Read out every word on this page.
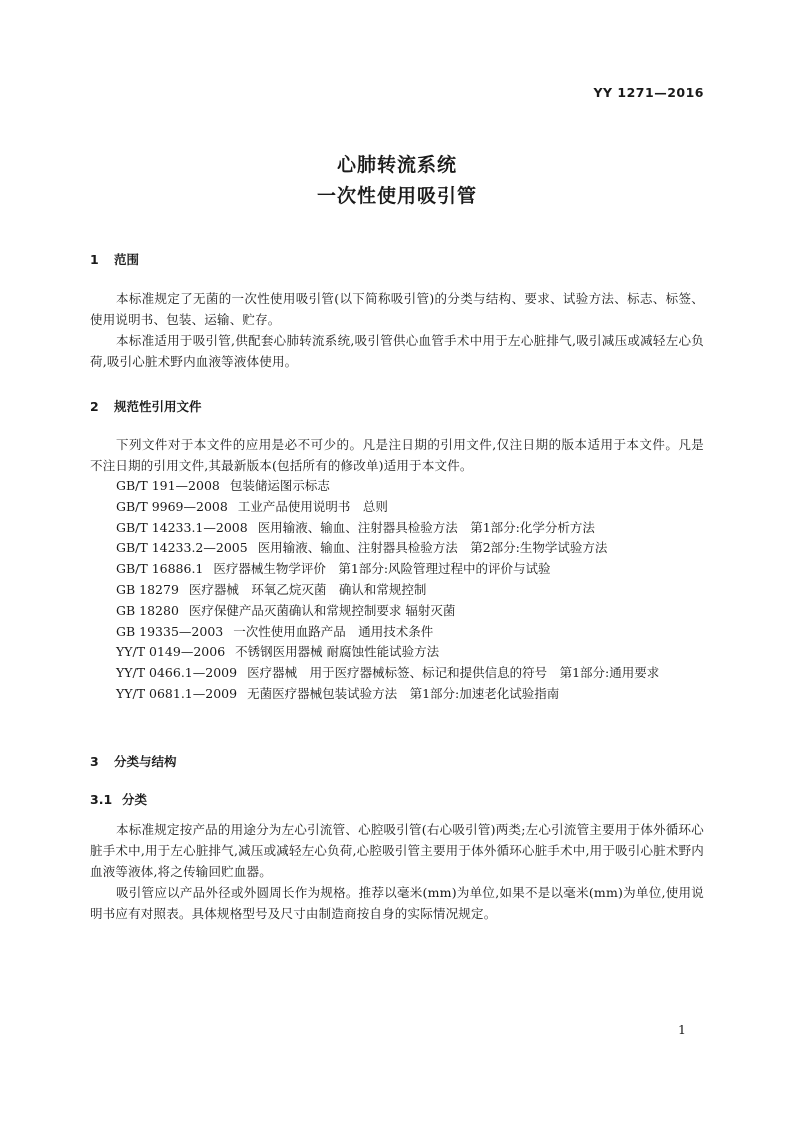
YY 1271—2016
心肺转流系统
一次性使用吸引管
1 范围
本标准规定了无菌的一次性使用吸引管(以下简称吸引管)的分类与结构、要求、试验方法、标志、标签、使用说明书、包装、运输、贮存。
本标准适用于吸引管,供配套心肺转流系统,吸引管供心血管手术中用于左心脏排气,吸引减压或减轻左心负荷,吸引心脏术野内血液等液体使用。
2 规范性引用文件
下列文件对于本文件的应用是必不可少的。凡是注日期的引用文件,仅注日期的版本适用于本文件。凡是不注日期的引用文件,其最新版本(包括所有的修改单)适用于本文件。
GB/T 191—2008 包装储运图示标志
GB/T 9969—2008 工业产品使用说明书　总则
GB/T 14233.1—2008 医用输液、输血、注射器具检验方法　第1部分:化学分析方法
GB/T 14233.2—2005 医用输液、输血、注射器具检验方法　第2部分:生物学试验方法
GB/T 16886.1 医疗器械生物学评价　第1部分:风险管理过程中的评价与试验
GB 18279 医疗器械　环氧乙烷灭菌　确认和常规控制
GB 18280 医疗保健产品灭菌确认和常规控制要求 辐射灭菌
GB 19335—2003 一次性使用血路产品　通用技术条件
YY/T 0149—2006 不锈钢医用器械 耐腐蚀性能试验方法
YY/T 0466.1—2009 医疗器械　用于医疗器械标签、标记和提供信息的符号　第1部分:通用要求
YY/T 0681.1—2009 无菌医疗器械包装试验方法　第1部分:加速老化试验指南
3 分类与结构
3.1 分类
本标准规定按产品的用途分为左心引流管、心腔吸引管(右心吸引管)两类;左心引流管主要用于体外循环心脏手术中,用于左心脏排气,减压或减轻左心负荷,心腔吸引管主要用于体外循环心脏手术中,用于吸引心脏术野内血液等液体,将之传输回贮血器。
吸引管应以产品外径或外圆周长作为规格。推荐以毫米(mm)为单位,如果不是以毫米(mm)为单位,使用说明书应有对照表。具体规格型号及尺寸由制造商按自身的实际情况规定。
1
